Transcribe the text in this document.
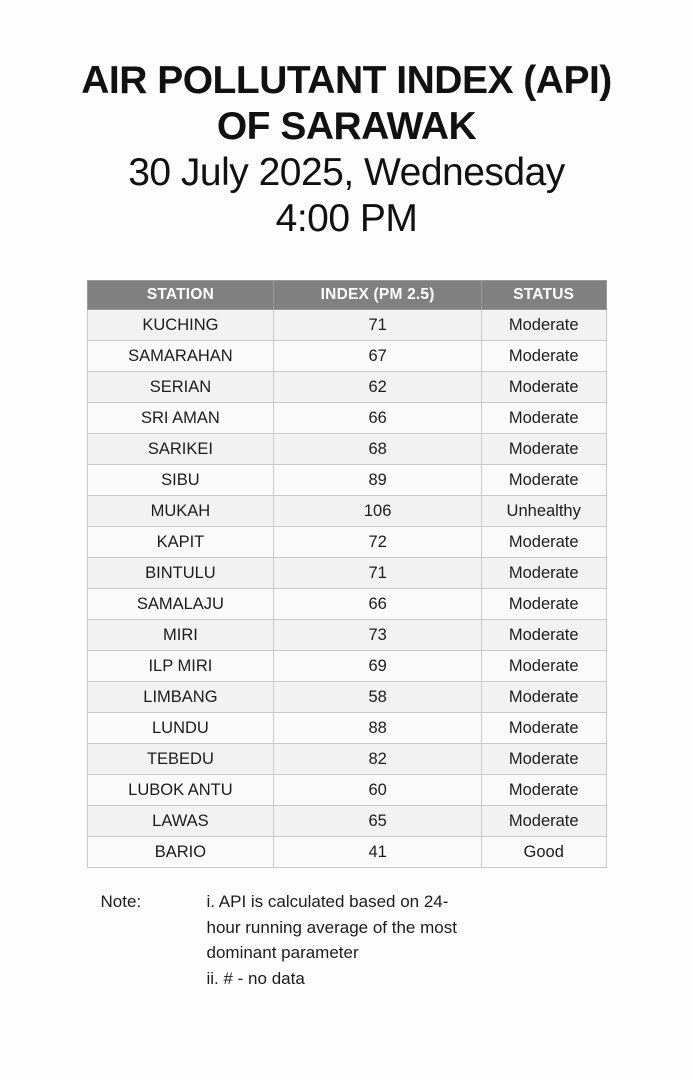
AIR POLLUTANT INDEX (API)
OF SARAWAK
30 July 2025, Wednesday
4:00 PM
STATION	INDEX (PM 2.5)	STATUS
KUCHING	71	Moderate
SAMARAHAN	67	Moderate
SERIAN	62	Moderate
SRI AMAN	66	Moderate
SARIKEI	68	Moderate
SIBU	89	Moderate
MUKAH	106	Unhealthy
KAPIT	72	Moderate
BINTULU	71	Moderate
SAMALAJU	66	Moderate
MIRI	73	Moderate
ILP MIRI	69	Moderate
LIMBANG	58	Moderate
LUNDU	88	Moderate
TEBEDU	82	Moderate
LUBOK ANTU	60	Moderate
LAWAS	65	Moderate
BARIO	41	Good
Note:	i. API is calculated based on 24-
hour running average of the most
dominant parameter
ii. # - no data
